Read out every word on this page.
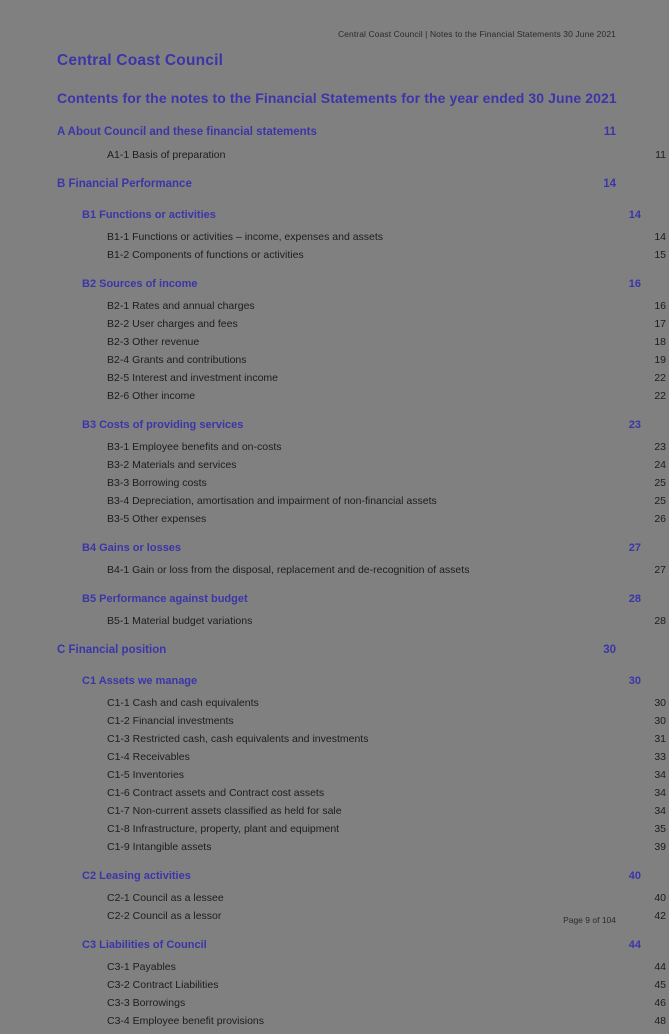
Central Coast Council | Notes to the Financial Statements 30 June 2021
Central Coast Council
Contents for the notes to the Financial Statements for the year ended 30 June 2021
A About Council and these financial statements	11
A1-1 Basis of preparation	11
B Financial Performance	14
B1 Functions or activities	14
B1-1 Functions or activities – income, expenses and assets	14
B1-2 Components of functions or activities	15
B2 Sources of income	16
B2-1 Rates and annual charges	16
B2-2 User charges and fees	17
B2-3 Other revenue	18
B2-4 Grants and contributions	19
B2-5 Interest and investment income	22
B2-6 Other income	22
B3 Costs of providing services	23
B3-1 Employee benefits and on-costs	23
B3-2 Materials and services	24
B3-3 Borrowing costs	25
B3-4 Depreciation, amortisation and impairment of non-financial assets	25
B3-5 Other expenses	26
B4 Gains or losses	27
B4-1 Gain or loss from the disposal, replacement and de-recognition of assets	27
B5 Performance against budget	28
B5-1 Material budget variations	28
C Financial position	30
C1 Assets we manage	30
C1-1 Cash and cash equivalents	30
C1-2 Financial investments	30
C1-3 Restricted cash, cash equivalents and investments	31
C1-4 Receivables	33
C1-5 Inventories	34
C1-6 Contract assets and Contract cost assets	34
C1-7 Non-current assets classified as held for sale	34
C1-8 Infrastructure, property, plant and equipment	35
C1-9 Intangible assets	39
C2 Leasing activities	40
C2-1 Council as a lessee	40
C2-2 Council as a lessor	42
C3 Liabilities of Council	44
C3-1 Payables	44
C3-2 Contract Liabilities	45
C3-3 Borrowings	46
C3-4 Employee benefit provisions	48
Page 9 of 104
